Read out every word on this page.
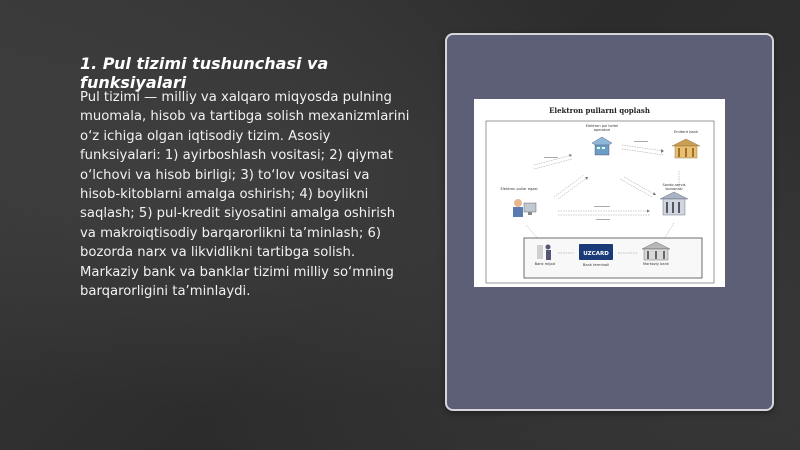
1. Pul tizimi tushunchasi va funksiyalari
Pul tizimi — milliy va xalqaro miqyosda pulning muomala, hisob va tartibga solish mexanizmlarini o‘z ichiga olgan iqtisodiy tizim. Asosiy funksiyalari: 1) ayirboshlash vositasi; 2) qiymat o‘lchovi va hisob birligi; 3) to‘lov vositasi va hisob-kitoblarni amalga oshirish; 4) boylikni saqlash; 5) pul-kredit siyosatini amalga oshirish va makroiqtisodiy barqarorlikni ta’minlash; 6) bozorda narx va likvidlikni tartibga solish. Markaziy bank va banklar tizimi milliy so‘mning barqarorligini ta’minlaydi.
Elektron pullarni qoplash
UZCARD
Elektron pul tizimi operatori	Emitent bank
Elektron pullar egasi
Savdo-servis korxonasi
Bank mijozi	Bank terminali	Markaziy bank
